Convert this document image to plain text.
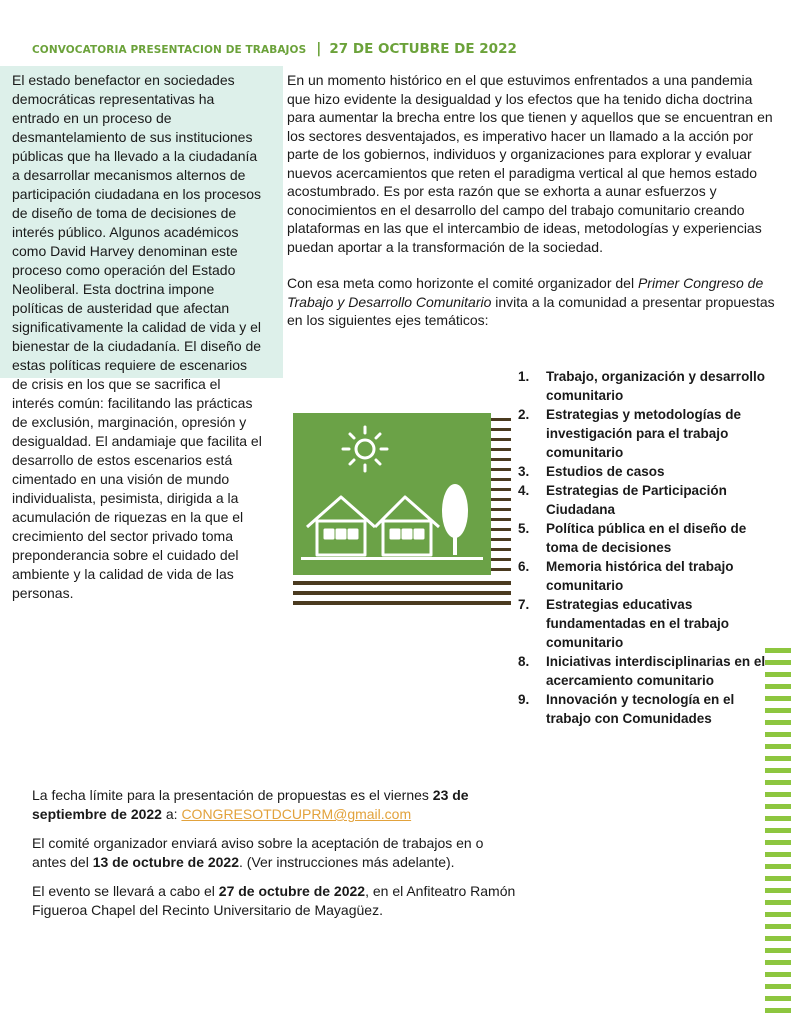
CONVOCATORIA PRESENTACION DE TRABAJOS | 27 DE OCTUBRE DE 2022
El estado benefactor en sociedades democráticas representativas ha entrado en un proceso de desmantelamiento de sus instituciones públicas que ha llevado a la ciudadanía a desarrollar mecanismos alternos de participación ciudadana en los procesos de diseño de toma de decisiones de interés público. Algunos académicos como David Harvey denominan este proceso como operación del Estado Neoliberal. Esta doctrina impone políticas de austeridad que afectan significativamente la calidad de vida y el bienestar de la ciudadanía. El diseño de estas políticas requiere de escenarios de crisis en los que se sacrifica el interés común: facilitando las prácticas de exclusión, marginación, opresión y desigualdad. El andamiaje que facilita el desarrollo de estos escenarios está cimentado en una visión de mundo individualista, pesimista, dirigida a la acumulación de riquezas en la que el crecimiento del sector privado toma preponderancia sobre el cuidado del ambiente y la calidad de vida de las personas.

En un momento histórico en el que estuvimos enfrentados a una pandemia que hizo evidente la desigualdad y los efectos que ha tenido dicha doctrina para aumentar la brecha entre los que tienen y aquellos que se encuentran en los sectores desventajados, es imperativo hacer un llamado a la acción por parte de los gobiernos, individuos y organizaciones para explorar y evaluar nuevos acercamientos que reten el paradigma vertical al que hemos estado acostumbrado. Es por esta razón que se exhorta a aunar esfuerzos y conocimientos en el desarrollo del campo del trabajo comunitario creando plataformas en las que el intercambio de ideas, metodologías y experiencias puedan aportar a la transformación de la sociedad.

Con esa meta como horizonte el comité organizador del Primer Congreso de Trabajo y Desarrollo Comunitario invita a la comunidad a presentar propuestas en los siguientes ejes temáticos:

1. Trabajo, organización y desarrollo comunitario
2. Estrategias y metodologías de investigación para el trabajo comunitario
3. Estudios de casos
4. Estrategias de Participación Ciudadana
5. Política pública en el diseño de toma de decisiones
6. Memoria histórica del trabajo comunitario
7. Estrategias educativas fundamentadas en el trabajo comunitario
8. Iniciativas interdisciplinarias en el acercamiento comunitario
9. Innovación y tecnología en el trabajo con Comunidades

La fecha límite para la presentación de propuestas es el viernes 23 de septiembre de 2022 a: CONGRESOTDCUPRM@gmail.com

El comité organizador enviará aviso sobre la aceptación de trabajos en o antes del 13 de octubre de 2022. (Ver instrucciones más adelante).

El evento se llevará a cabo el 27 de octubre de 2022, en el Anfiteatro Ramón Figueroa Chapel del Recinto Universitario de Mayagüez.
